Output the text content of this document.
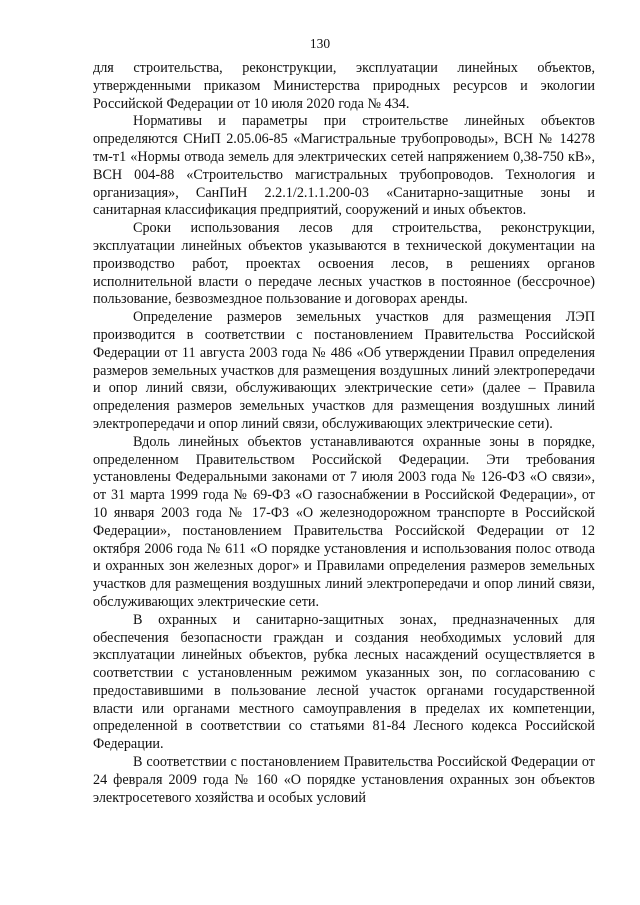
130

для строительства, реконструкции, эксплуатации линейных объектов, утвержденными приказом Министерства природных ресурсов и экологии Российской Федерации от 10 июля 2020 года № 434.

Нормативы и параметры при строительстве линейных объектов определяются СНиП 2.05.06-85 «Магистральные трубопроводы», ВСН № 14278 тм-т1 «Нормы отвода земель для электрических сетей напряжением 0,38-750 кВ», ВСН 004-88 «Строительство магистральных трубопроводов. Технология и организация», СанПиН 2.2.1/2.1.1.200-03 «Санитарно-защитные зоны и санитарная классификация предприятий, сооружений и иных объектов.

Сроки использования лесов для строительства, реконструкции, эксплуатации линейных объектов указываются в технической документации на производство работ, проектах освоения лесов, в решениях органов исполнительной власти о передаче лесных участков в постоянное (бессрочное) пользование, безвозмездное пользование и договорах аренды.

Определение размеров земельных участков для размещения ЛЭП производится в соответствии с постановлением Правительства Российской Федерации от 11 августа 2003 года № 486 «Об утверждении Правил определения размеров земельных участков для размещения воздушных линий электропередачи и опор линий связи, обслуживающих электрические сети» (далее – Правила определения размеров земельных участков для размещения воздушных линий электропередачи и опор линий связи, обслуживающих электрические сети).

Вдоль линейных объектов устанавливаются охранные зоны в порядке, определенном Правительством Российской Федерации. Эти требования установлены Федеральными законами от 7 июля 2003 года № 126-ФЗ «О связи», от 31 марта 1999 года № 69-ФЗ «О газоснабжении в Российской Федерации», от 10 января 2003 года № 17-ФЗ «О железнодорожном транспорте в Российской Федерации», постановлением Правительства Российской Федерации от 12 октября 2006 года № 611 «О порядке установления и использования полос отвода и охранных зон железных дорог» и Правилами определения размеров земельных участков для размещения воздушных линий электропередачи и опор линий связи, обслуживающих электрические сети.

В охранных и санитарно-защитных зонах, предназначенных для обеспечения безопасности граждан и создания необходимых условий для эксплуатации линейных объектов, рубка лесных насаждений осуществляется в соответствии с установленным режимом указанных зон, по согласованию с предоставившими в пользование лесной участок органами государственной власти или органами местного самоуправления в пределах их компетенции, определенной в соответствии со статьями 81-84 Лесного кодекса Российской Федерации.

В соответствии с постановлением Правительства Российской Федерации от 24 февраля 2009 года № 160 «О порядке установления охранных зон объектов электросетевого хозяйства и особых условий
